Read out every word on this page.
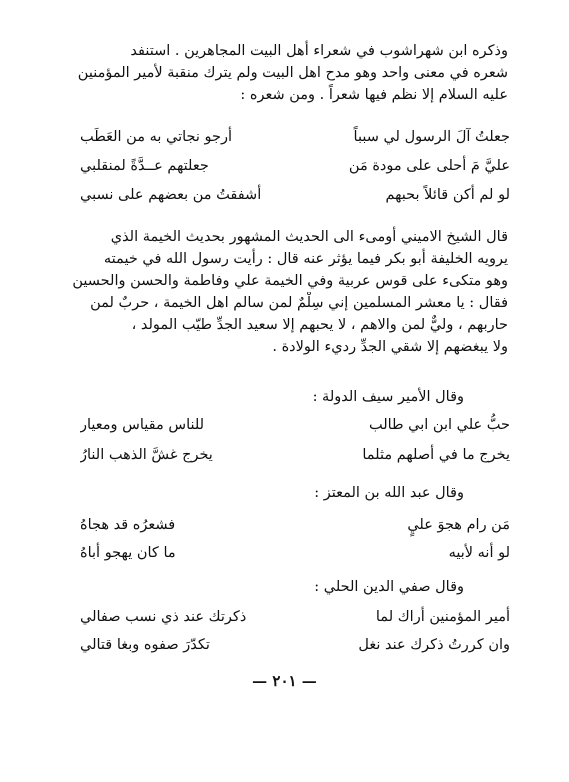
وذكره ابن شهراشوب في شعراء أهل البيت المجاهرين . استنفد
شعره في معنى واحد وهو مدح اهل البيت ولم يترك منقبة لأمير المؤمنين
عليه السلام إلا نظم فيها شعراً . ومن شعره :
جعلتُ آلَ الرسول لي سبباً
أرجو نجاتي به من العَطَب
عليَّ مَ أحلى على مودة مَن
جعلتهم عــدَّةً لمنقلبي
لو لم أكن قائلاً بحبهم
أشفقتُ من بعضهم على نسبي
قال الشيخ الاميني أومىء الى الحديث المشهور بحديث الخيمة الذي
يرويه الخليفة أبو بكر فيما يؤثر عنه قال : رأيت رسول الله في خيمته
وهو متكىء على قوس عربية وفي الخيمة علي وفاطمة والحسن والحسين
فقال : يا معشر المسلمين إني سِلْمٌ لمن سالم اهل الخيمة ، حربٌ لمن
حاربهم ، وليٌّ لمن والاهم ، لا يحبهم إلا سعيد الجدِّ طيّب المولد ،
ولا يبغضهم إلا شقي الجدِّ رديء الولادة .
وقال الأمير سيف الدولة :
حبُّ علي ابن ابي طالب
للناس مقياس ومعيار
يخرج ما في أصلهم مثلما
يخرج غشَّ الذهب النارُ
وقال عبد الله بن المعتز :
مَن رام هجوَ عليٍ
فشعرُه قد هجاهُ
لو أنه لأبيه
ما كان يهجو أباهُ
وقال صفي الدين الحلي :
أمير المؤمنين أراك لما
ذكرتك عند ذي نسب صفالي
وان كررتُ ذكرك عند نغل
تكدّرَ صفوه وبغا قتالي
— ٢٠١ —
